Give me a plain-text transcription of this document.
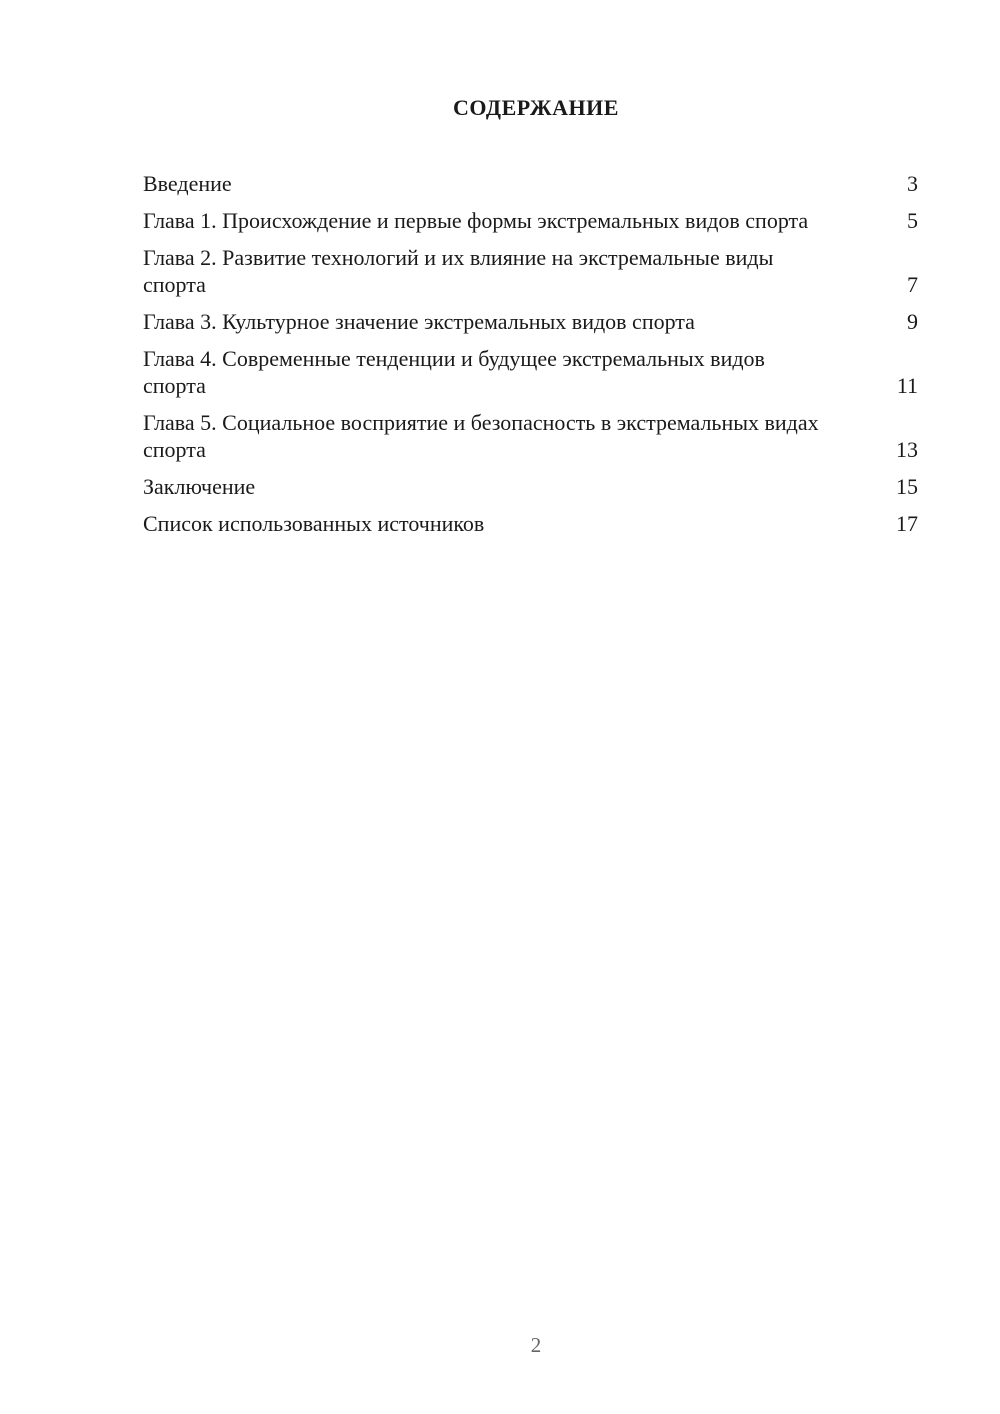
СОДЕРЖАНИЕ
Введение	3
Глава 1. Происхождение и первые формы экстремальных видов спорта	5
Глава 2. Развитие технологий и их влияние на экстремальные виды спорта	7
Глава 3. Культурное значение экстремальных видов спорта	9
Глава 4. Современные тенденции и будущее экстремальных видов спорта	11
Глава 5. Социальное восприятие и безопасность в экстремальных видах спорта	13
Заключение	15
Список использованных источников	17
2
